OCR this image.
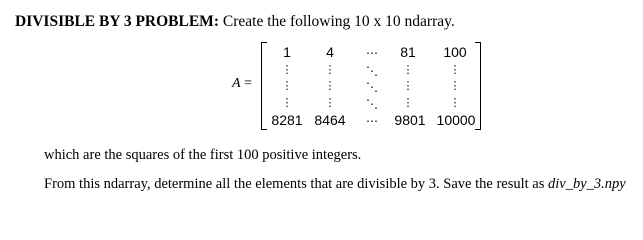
DIVISIBLE BY 3 PROBLEM: Create the following 10 x 10 ndarray.
A =
1	4	⋯ 81 100
⋮	⋮	⋱ ⋮	⋮
⋮	⋮	⋱ ⋮	⋮
⋮	⋮	⋱ ⋮	⋮
8281 8464 ⋯ 9801 10000
which are the squares of the first 100 positive integers.
From this ndarray, determine all the elements that are divisible by 3. Save the result as div_by_3.npy
